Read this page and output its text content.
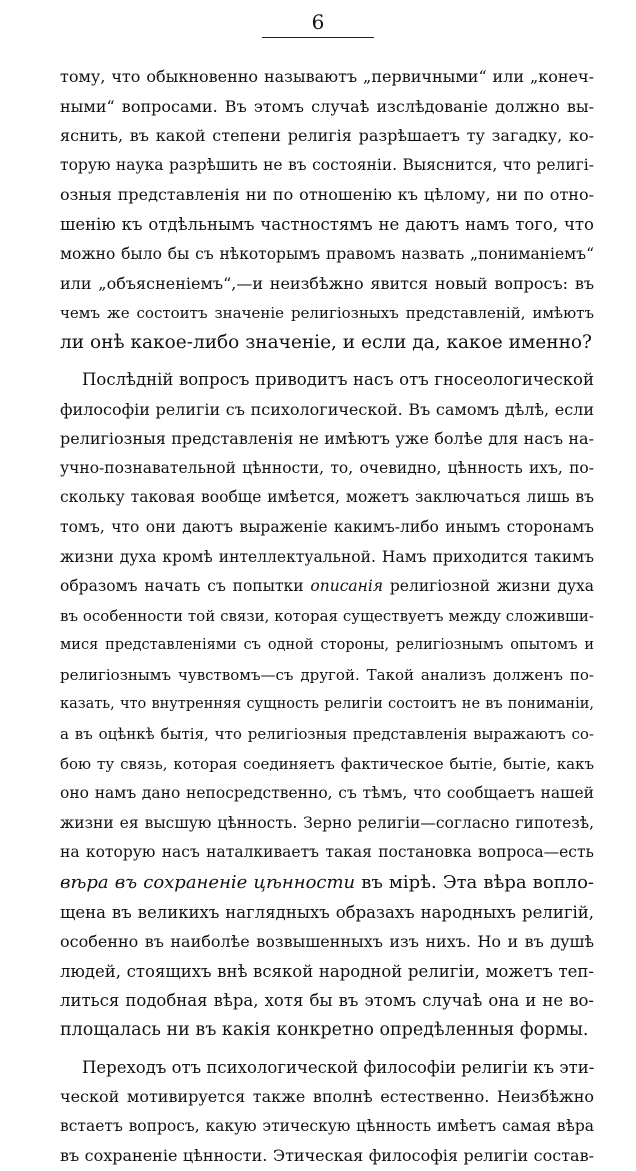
6
тому, что обыкновенно называютъ „первичными“ или „конеч-
ными“ вопросами. Въ этомъ случаѣ изслѣдованіе должно вы-
яснить, въ какой степени религія разрѣшаетъ ту загадку, ко-
торую наука разрѣшить не въ состояніи. Выяснится, что религі-
озныя представленія ни по отношенію къ цѣлому, ни по отно-
шенію къ отдѣльнымъ частностямъ не даютъ намъ того, что
можно было бы съ нѣкоторымъ правомъ назвать „пониманіемъ“
или „объясненіемъ“,—и неизбѣжно явится новый вопросъ: въ
чемъ же состоитъ значеніе религіозныхъ представленій, имѣютъ
ли онѣ какое-либо значеніе, и если да, какое именно?
Послѣдній вопросъ приводитъ насъ отъ гносеологической
философіи религіи съ психологической. Въ самомъ дѣлѣ, если
религіозныя представленія не имѣютъ уже болѣе для насъ на-
учно-познавательной цѣнности, то, очевидно, цѣнность ихъ, по-
скольку таковая вообще имѣется, можетъ заключаться лишь въ
томъ, что они даютъ выраженіе какимъ-либо инымъ сторонамъ
жизни духа кромѣ интеллектуальной. Намъ приходится такимъ
образомъ начать съ попытки описанія религіозной жизни духа
въ особенности той связи, которая существуетъ между сложивши-
мися представленіями съ одной стороны, религіознымъ опытомъ и
религіознымъ чувствомъ—съ другой. Такой анализъ долженъ по-
казать, что внутренняя сущность религіи состоитъ не въ пониманіи,
а въ оцѣнкѣ бытія, что религіозныя представленія выражаютъ со-
бою ту связь, которая соединяетъ фактическое бытіе, бытіе, какъ
оно намъ дано непосредственно, съ тѣмъ, что сообщаетъ нашей
жизни ея высшую цѣнность. Зерно религіи—согласно гипотезѣ,
на которую насъ наталкиваетъ такая постановка вопроса—есть
вѣра въ сохраненіе цѣнности въ мірѣ. Эта вѣра вопло-
щена въ великихъ наглядныхъ образахъ народныхъ религій,
особенно въ наиболѣе возвышенныхъ изъ нихъ. Но и въ душѣ
людей, стоящихъ внѣ всякой народной религіи, можетъ теп-
литься подобная вѣра, хотя бы въ этомъ случаѣ она и не во-
площалась ни въ какія конкретно опредѣленныя формы.
Переходъ отъ психологической философіи религіи къ эти-
ческой мотивируется также вполнѣ естественно. Неизбѣжно
встаетъ вопросъ, какую этическую цѣнность имѣетъ самая вѣра
въ сохраненіе цѣнности. Этическая философія религіи состав-
